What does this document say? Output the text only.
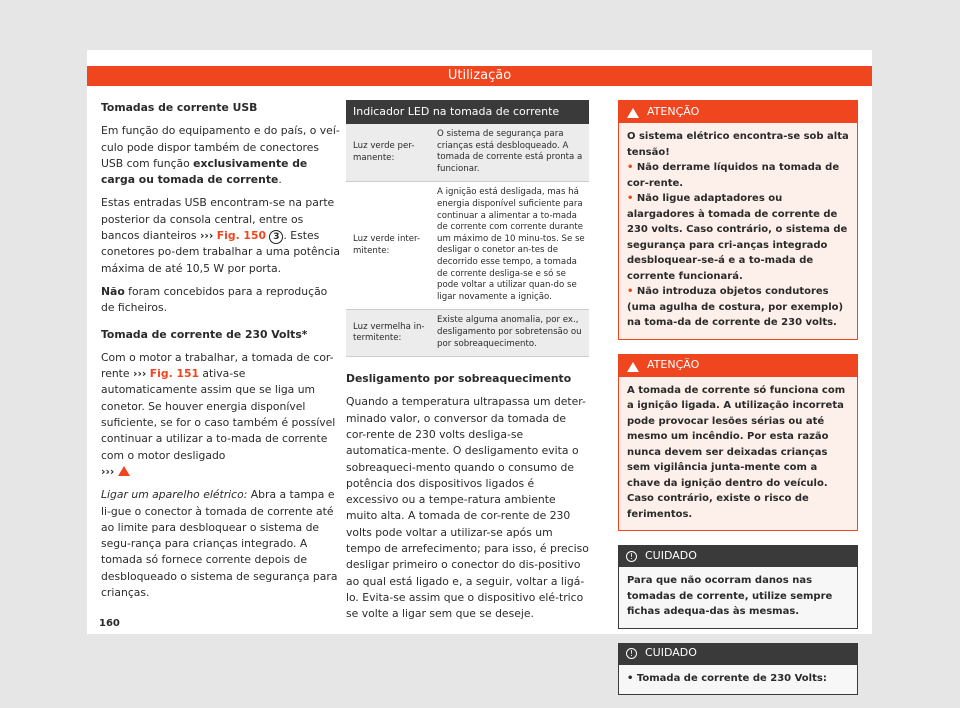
Utilização

Tomadas de corrente USB

Em função do equipamento e do país, o veí-culo pode dispor também de conectores USB com função exclusivamente de carga ou tomada de corrente.

Estas entradas USB encontram-se na parte posterior da consola central, entre os bancos dianteiros ››› Fig. 150 3 . Estes conetores po-dem trabalhar a uma potência máxima de até 10,5 W por porta.

Não foram concebidos para a reprodução de ficheiros.

Tomada de corrente de 230 Volts*

Com o motor a trabalhar, a tomada de cor-rente ››› Fig. 151 ativa-se automaticamente assim que se liga um conetor. Se houver energia disponível suficiente, se for o caso também é possível continuar a utilizar a to-mada de corrente com o motor desligado
›››

Ligar um aparelho elétrico: Abra a tampa e li-gue o conector à tomada de corrente até ao limite para desbloquear o sistema de segu-rança para crianças integrado. A tomada só fornece corrente depois de desbloqueado o sistema de segurança para crianças.

Indicador LED na tomada de corrente
Luz verde per-manente:
O sistema de segurança para crianças está desbloqueado. A tomada de corrente está pronta a funcionar.
Luz verde inter-mitente:
A ignição está desligada, mas há energia disponível suficiente para continuar a alimentar a to-mada de corrente com corrente durante um máximo de 10 minu-tos. Se se desligar o conetor an-tes de decorrido esse tempo, a tomada de corrente desliga-se e só se pode voltar a utilizar quan-do se ligar novamente a ignição.
Luz vermelha in-termitente:
Existe alguma anomalia, por ex., desligamento por sobretensão ou por sobreaquecimento.

Desligamento por sobreaquecimento

Quando a temperatura ultrapassa um deter-minado valor, o conversor da tomada de cor-rente de 230 volts desliga-se automatica-mente. O desligamento evita o sobreaqueci-mento quando o consumo de potência dos dispositivos ligados é excessivo ou a tempe-ratura ambiente muito alta. A tomada de cor-rente de 230 volts pode voltar a utilizar-se após um tempo de arrefecimento; para isso, é preciso desligar primeiro o conector do dis-positivo ao qual está ligado e, a seguir, voltar a ligá-lo. Evita-se assim que o dispositivo elé-trico se volte a ligar sem que se deseje.

ATENÇÃO
O sistema elétrico encontra-se sob alta tensão!
• Não derrame líquidos na tomada de cor-rente.
• Não ligue adaptadores ou alargadores à tomada de corrente de 230 volts. Caso contrário, o sistema de segurança para cri-anças integrado desbloquear-se-á e a to-mada de corrente funcionará.
• Não introduza objetos condutores (uma agulha de costura, por exemplo) na toma-da de corrente de 230 volts.
ATENÇÃO
A tomada de corrente só funciona com a ignição ligada. A utilização incorreta pode provocar lesões sérias ou até mesmo um incêndio. Por esta razão nunca devem ser deixadas crianças sem vigilância junta-mente com a chave da ignição dentro do veículo. Caso contrário, existe o risco de ferimentos.
!	CUIDADO
Para que não ocorram danos nas tomadas de corrente, utilize sempre fichas adequa-das às mesmas.
!	CUIDADO
• Tomada de corrente de 230 Volts:
160
